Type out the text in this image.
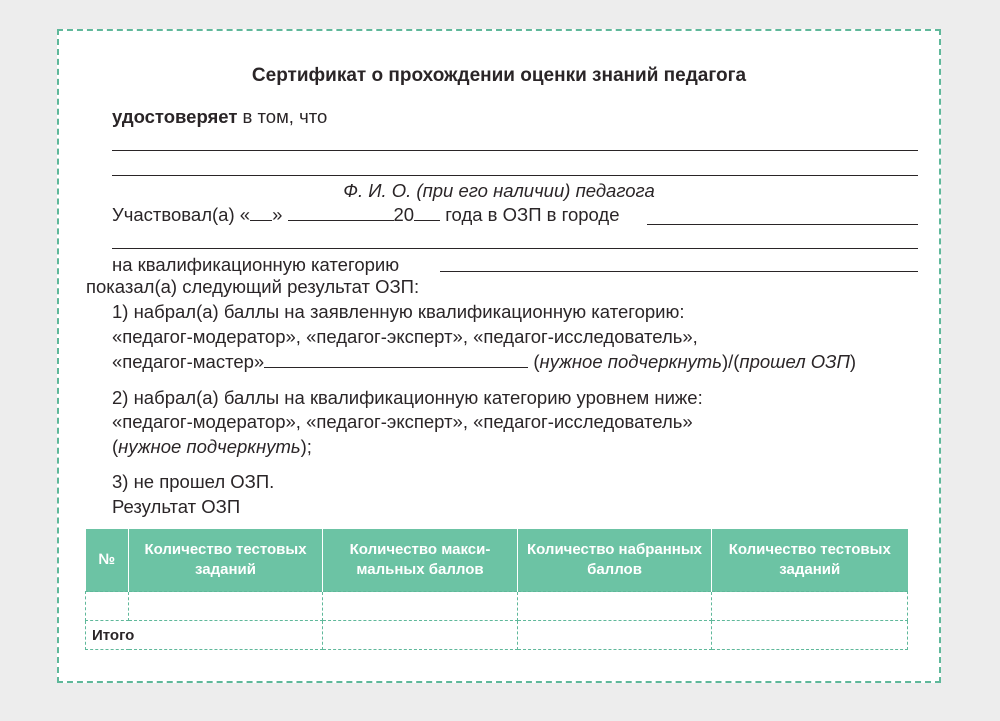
Сертификат о прохождении оценки знаний педагога
удостоверяет в том, что
Ф. И. О. (при его наличии) педагога
Участвовал(а) « »	20 года в ОЗП в городе
на квалификационную категорию
показал(а) следующий результат ОЗП:
1) набрал(а) баллы на заявленную квалификационную категорию:
«педагог-модератор», «педагог-эксперт», «педагог-исследователь»,
«педагог-мастер»	(нужное подчеркнуть)/(прошел ОЗП)
2) набрал(а) баллы на квалификационную категорию уровнем ниже:
«педагог-модератор», «педагог-эксперт», «педагог-исследователь»
(нужное подчеркнуть);
3) не прошел ОЗП.
Результат ОЗП
№	Количество тестовых заданий	Количество макси-мальных баллов	Количество набранных баллов	Количество тестовых заданий

Итого				
